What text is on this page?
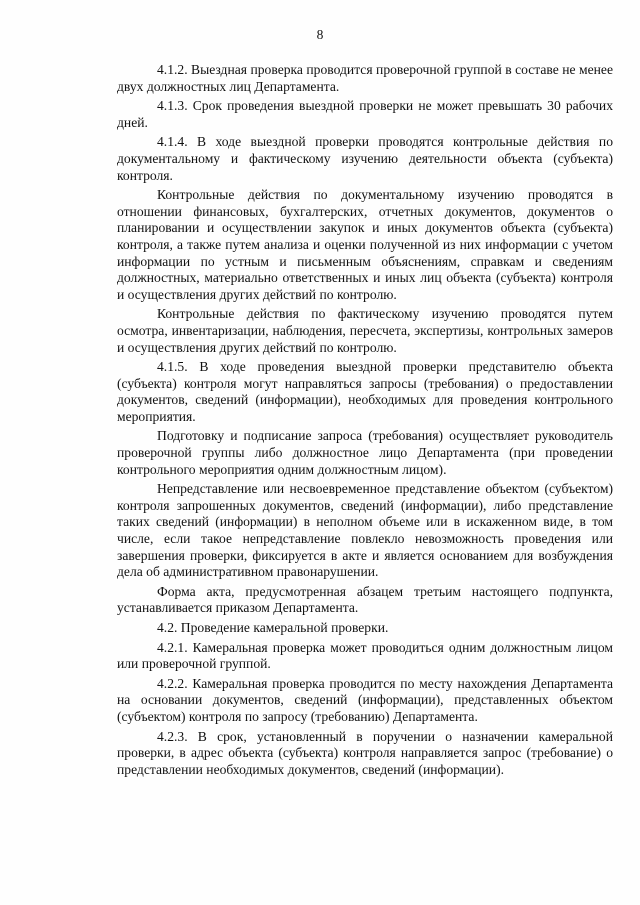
8

4.1.2. Выездная проверка проводится проверочной группой в составе не менее двух должностных лиц Департамента.

4.1.3. Срок проведения выездной проверки не может превышать 30 рабочих дней.

4.1.4. В ходе выездной проверки проводятся контрольные действия по документальному и фактическому изучению деятельности объекта (субъекта) контроля.

Контрольные действия по документальному изучению проводятся в отношении финансовых, бухгалтерских, отчетных документов, документов о планировании и осуществлении закупок и иных документов объекта (субъекта) контроля, а также путем анализа и оценки полученной из них информации с учетом информации по устным и письменным объяснениям, справкам и сведениям должностных, материально ответственных и иных лиц объекта (субъекта) контроля и осуществления других действий по контролю.

Контрольные действия по фактическому изучению проводятся путем осмотра, инвентаризации, наблюдения, пересчета, экспертизы, контрольных замеров и осуществления других действий по контролю.

4.1.5. В ходе проведения выездной проверки представителю объекта (субъекта) контроля могут направляться запросы (требования) о предоставлении документов, сведений (информации), необходимых для проведения контрольного мероприятия.

Подготовку и подписание запроса (требования) осуществляет руководитель проверочной группы либо должностное лицо Департамента (при проведении контрольного мероприятия одним должностным лицом).

Непредставление или несвоевременное представление объектом (субъектом) контроля запрошенных документов, сведений (информации), либо представление таких сведений (информации) в неполном объеме или в искаженном виде, в том числе, если такое непредставление повлекло невозможность проведения или завершения проверки, фиксируется в акте и является основанием для возбуждения дела об административном правонарушении.

Форма акта, предусмотренная абзацем третьим настоящего подпункта, устанавливается приказом Департамента.

4.2. Проведение камеральной проверки.

4.2.1. Камеральная проверка может проводиться одним должностным лицом или проверочной группой.

4.2.2. Камеральная проверка проводится по месту нахождения Департамента на основании документов, сведений (информации), представленных объектом (субъектом) контроля по запросу (требованию) Департамента.

4.2.3. В срок, установленный в поручении о назначении камеральной проверки, в адрес объекта (субъекта) контроля направляется запрос (требование) о представлении необходимых документов, сведений (информации).
